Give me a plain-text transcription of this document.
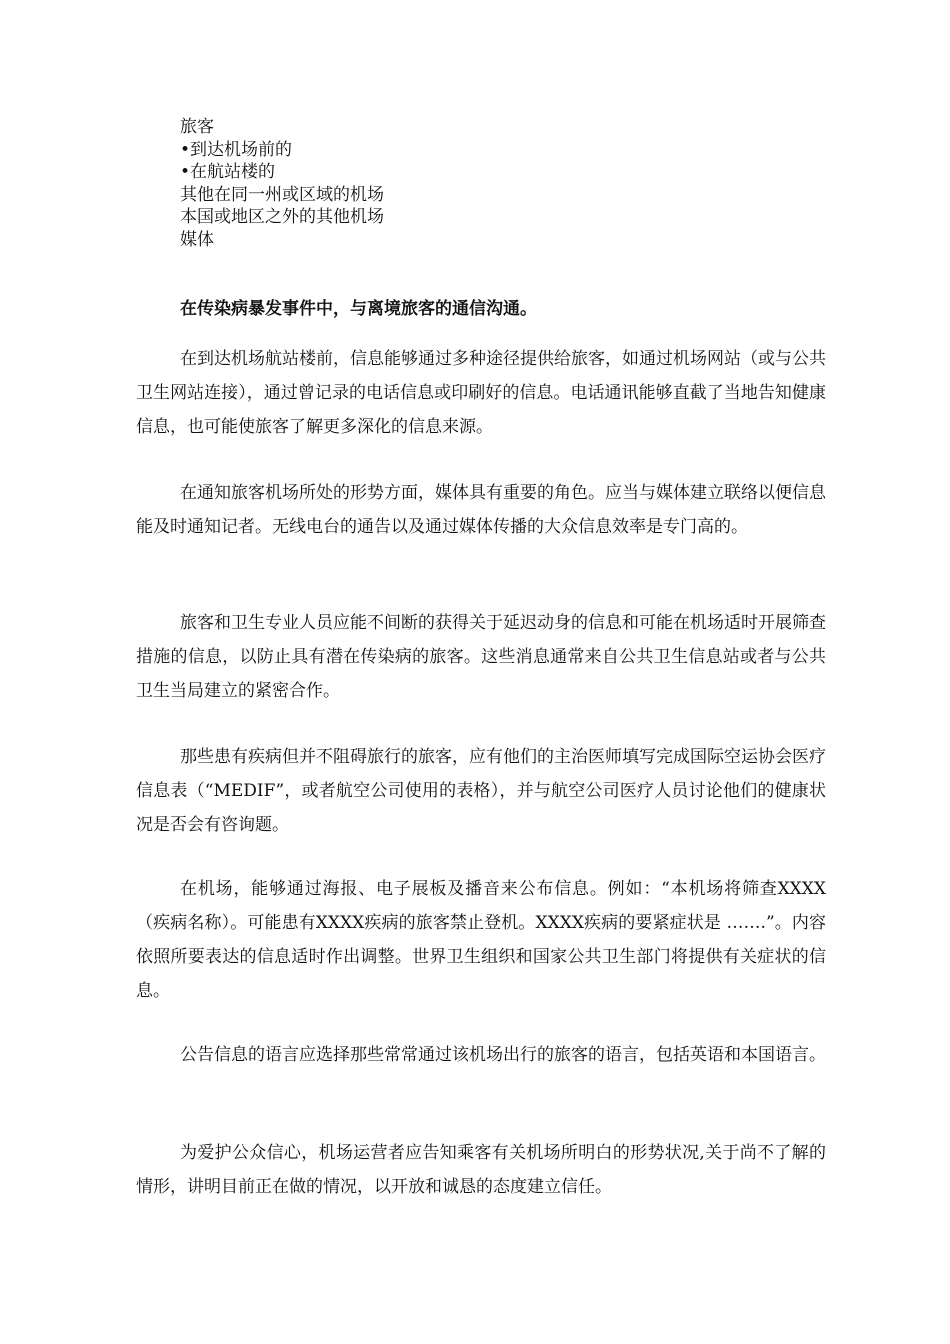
旅客
•到达机场前的
•在航站楼的
其他在同一州或区域的机场
本国或地区之外的其他机场
媒体
在传染病暴发事件中，与离境旅客的通信沟通。

在到达机场航站楼前，信息能够通过多种途径提供给旅客，如通过机场网站（或与公共卫生网站连接），通过曾记录的电话信息或印刷好的信息。电话通讯能够直截了当地告知健康信息，也可能使旅客了解更多深化的信息来源。

在通知旅客机场所处的形势方面，媒体具有重要的角色。应当与媒体建立联络以便信息能及时通知记者。无线电台的通告以及通过媒体传播的大众信息效率是专门高的。

旅客和卫生专业人员应能不间断的获得关于延迟动身的信息和可能在机场适时开展筛查措施的信息，以防止具有潜在传染病的旅客。这些消息通常来自公共卫生信息站或者与公共卫生当局建立的紧密合作。

那些患有疾病但并不阻碍旅行的旅客，应有他们的主治医师填写完成国际空运协会医疗信息表（“MEDIF”，或者航空公司使用的表格），并与航空公司医疗人员讨论他们的健康状况是否会有咨询题。

在机场，能够通过海报、电子展板及播音来公布信息。例如：“本机场将筛查XXXX（疾病名称）。可能患有XXXX疾病的旅客禁止登机。XXXX疾病的要紧症状是 …….”。内容依照所要表达的信息适时作出调整。世界卫生组织和国家公共卫生部门将提供有关症状的信息。

公告信息的语言应选择那些常常通过该机场出行的旅客的语言，包括英语和本国语言。

为爱护公众信心，机场运营者应告知乘客有关机场所明白的形势状况,关于尚不了解的情形，讲明目前正在做的情况，以开放和诚恳的态度建立信任。
